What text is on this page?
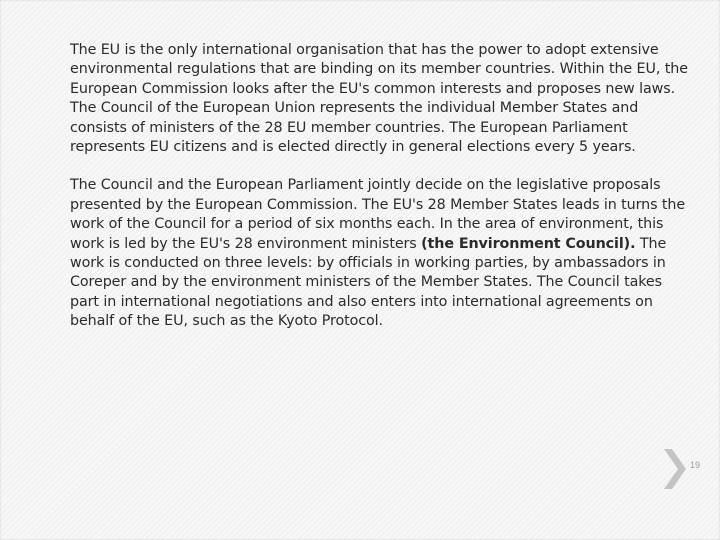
The EU is the only international organisation that has the power to adopt extensive environmental regulations that are binding on its member countries. Within the EU, the European Commission looks after the EU's common interests and proposes new laws. The Council of the European Union represents the individual Member States and consists of ministers of the 28 EU member countries. The European Parliament represents EU citizens and is elected directly in general elections every 5 years.

The Council and the European Parliament jointly decide on the legislative proposals presented by the European Commission. The EU's 28 Member States leads in turns the work of the Council for a period of six months each. In the area of environment, this work is led by the EU's 28 environment ministers (the Environment Council). The work is conducted on three levels: by officials in working parties, by ambassadors in Coreper and by the environment ministers of the Member States. The Council takes part in international negotiations and also enters into international agreements on behalf of the EU, such as the Kyoto Protocol.

19
